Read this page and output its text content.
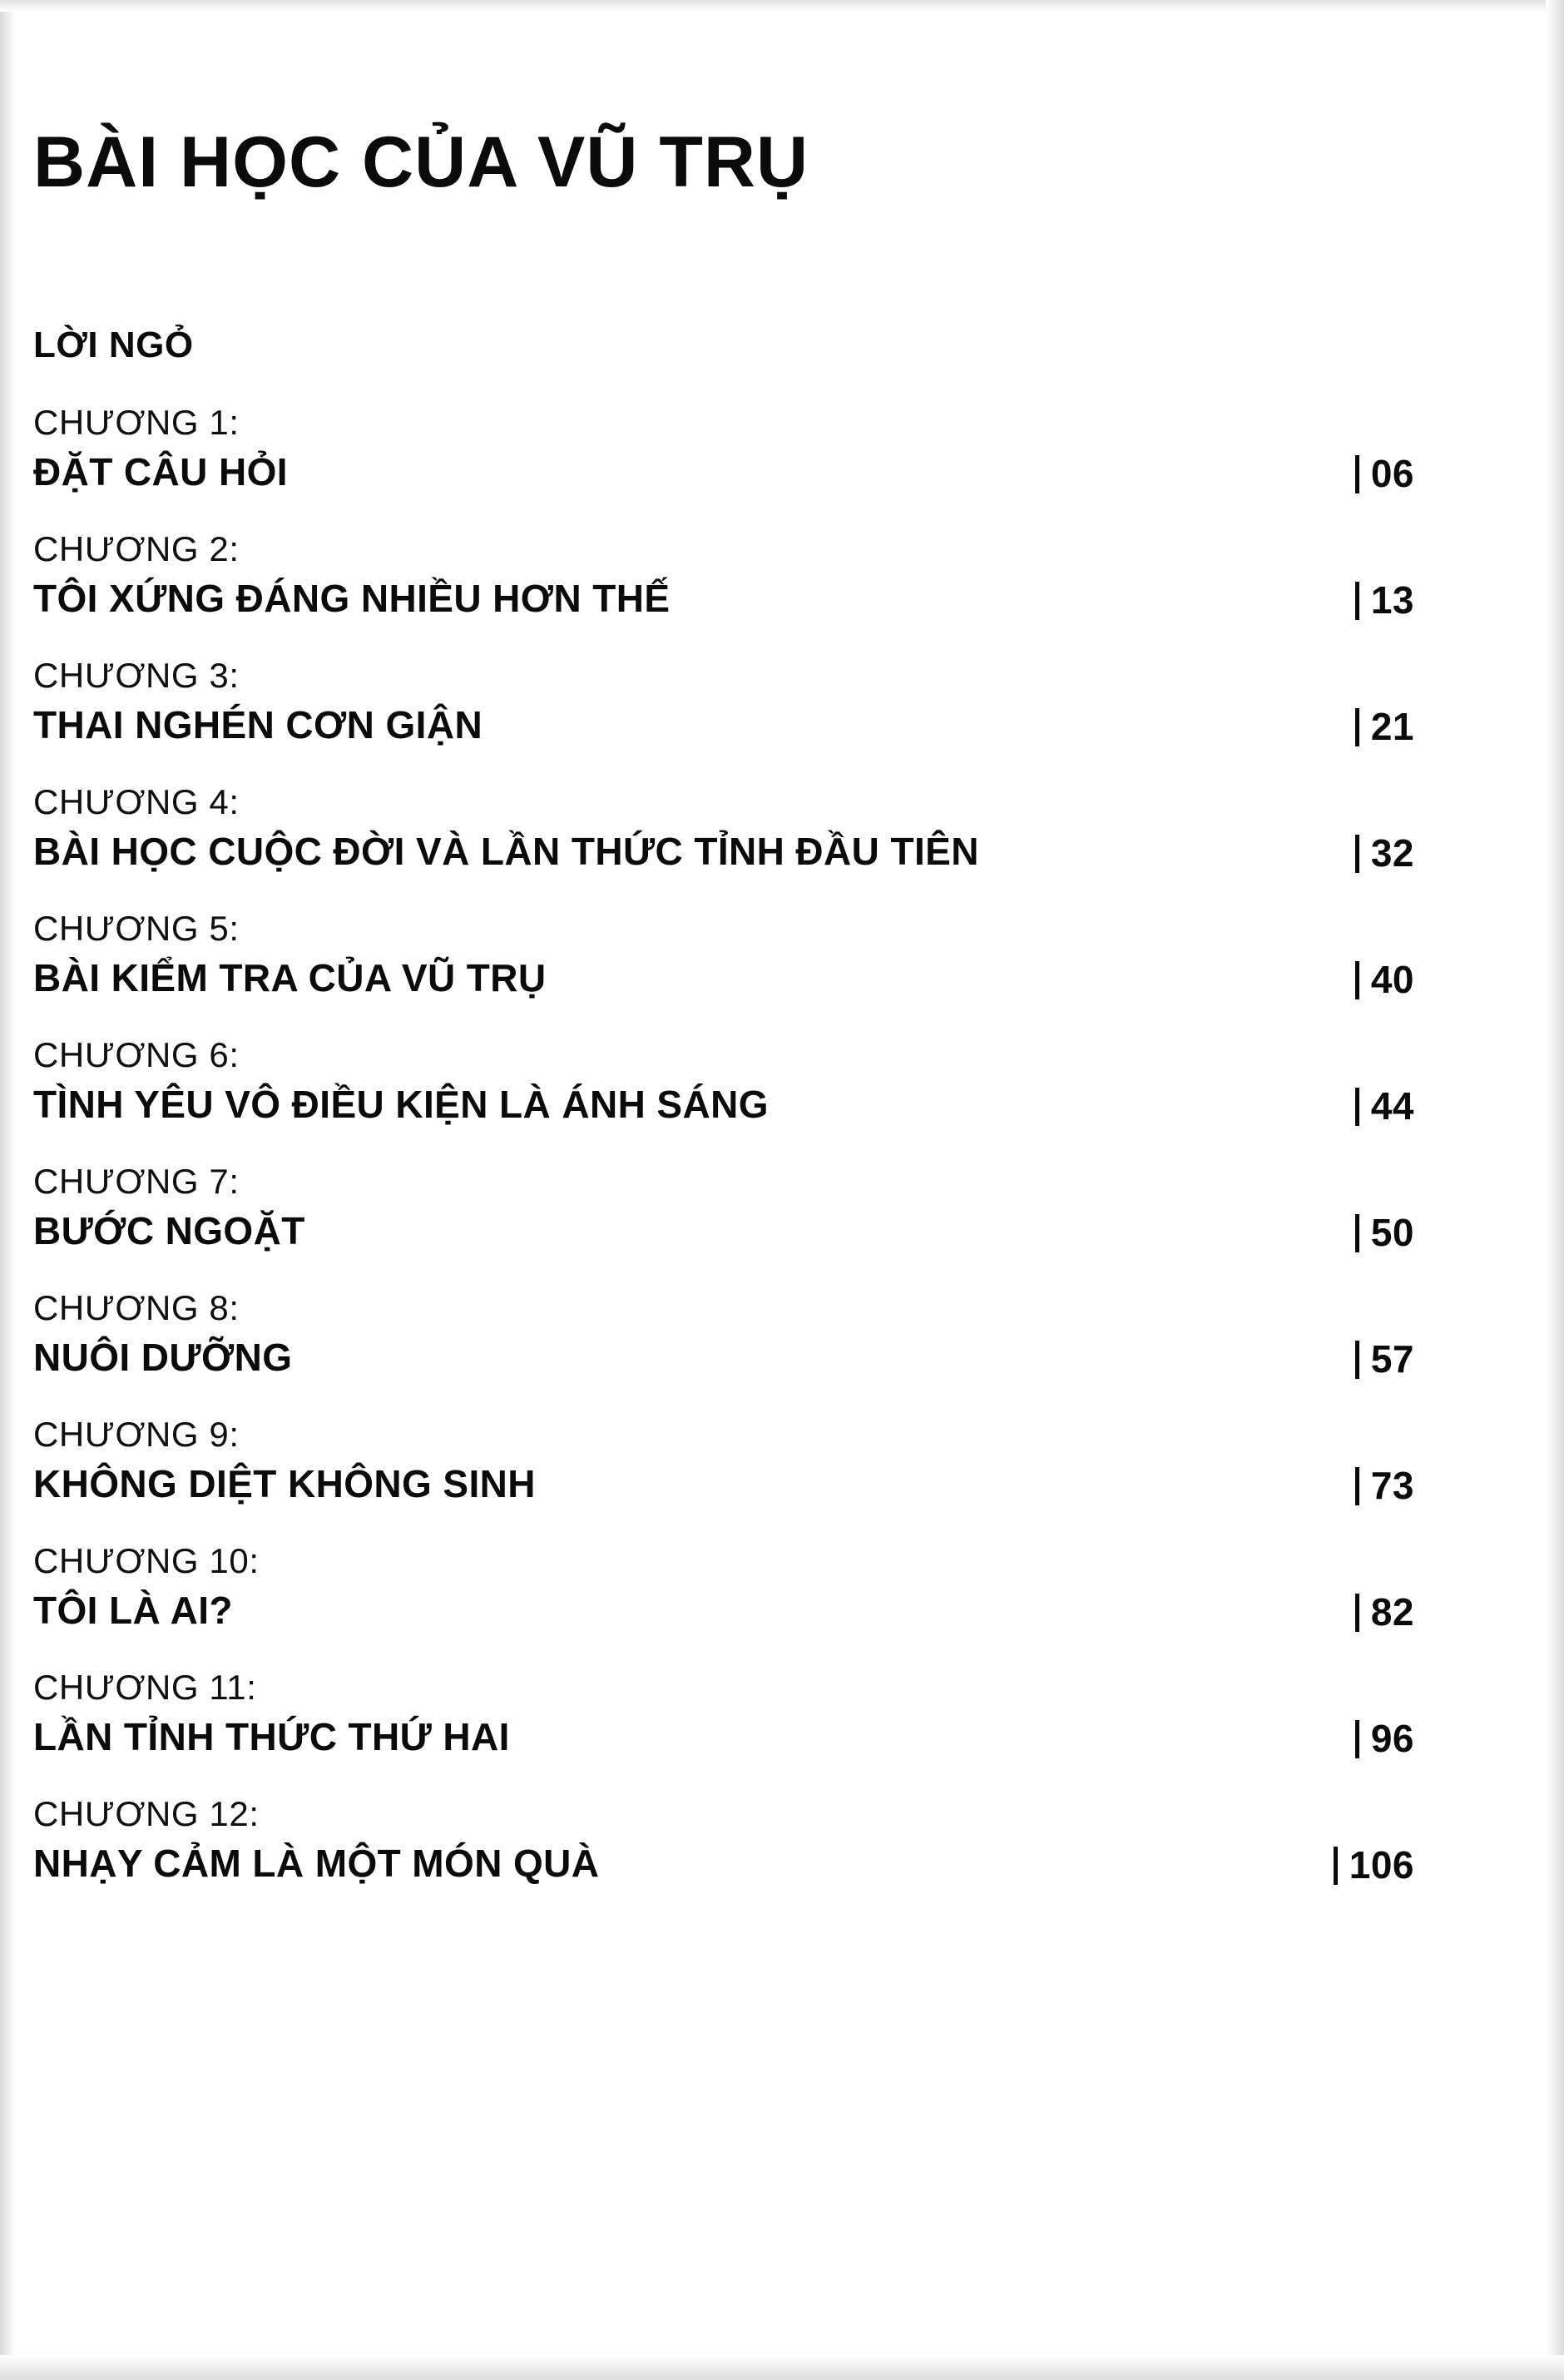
BÀI HỌC CỦA VŨ TRỤ
LỜI NGỎ
CHƯƠNG 1:
ĐẶT CÂU HỎI	06
CHƯƠNG 2:
TÔI XỨNG ĐÁNG NHIỀU HƠN THẾ	13
CHƯƠNG 3:
THAI NGHÉN CƠN GIẬN	21
CHƯƠNG 4:
BÀI HỌC CUỘC ĐỜI VÀ LẦN THỨC TỈNH ĐẦU TIÊN	32
CHƯƠNG 5:
BÀI KIỂM TRA CỦA VŨ TRỤ	40
CHƯƠNG 6:
TÌNH YÊU VÔ ĐIỀU KIỆN LÀ ÁNH SÁNG	44
CHƯƠNG 7:
BƯỚC NGOẶT	50
CHƯƠNG 8:
NUÔI DƯỠNG	57
CHƯƠNG 9:
KHÔNG DIỆT KHÔNG SINH	73
CHƯƠNG 10:
TÔI LÀ AI?	82
CHƯƠNG 11:
LẦN TỈNH THỨC THỨ HAI	96
CHƯƠNG 12:
NHẠY CẢM LÀ MỘT MÓN QUÀ	106
